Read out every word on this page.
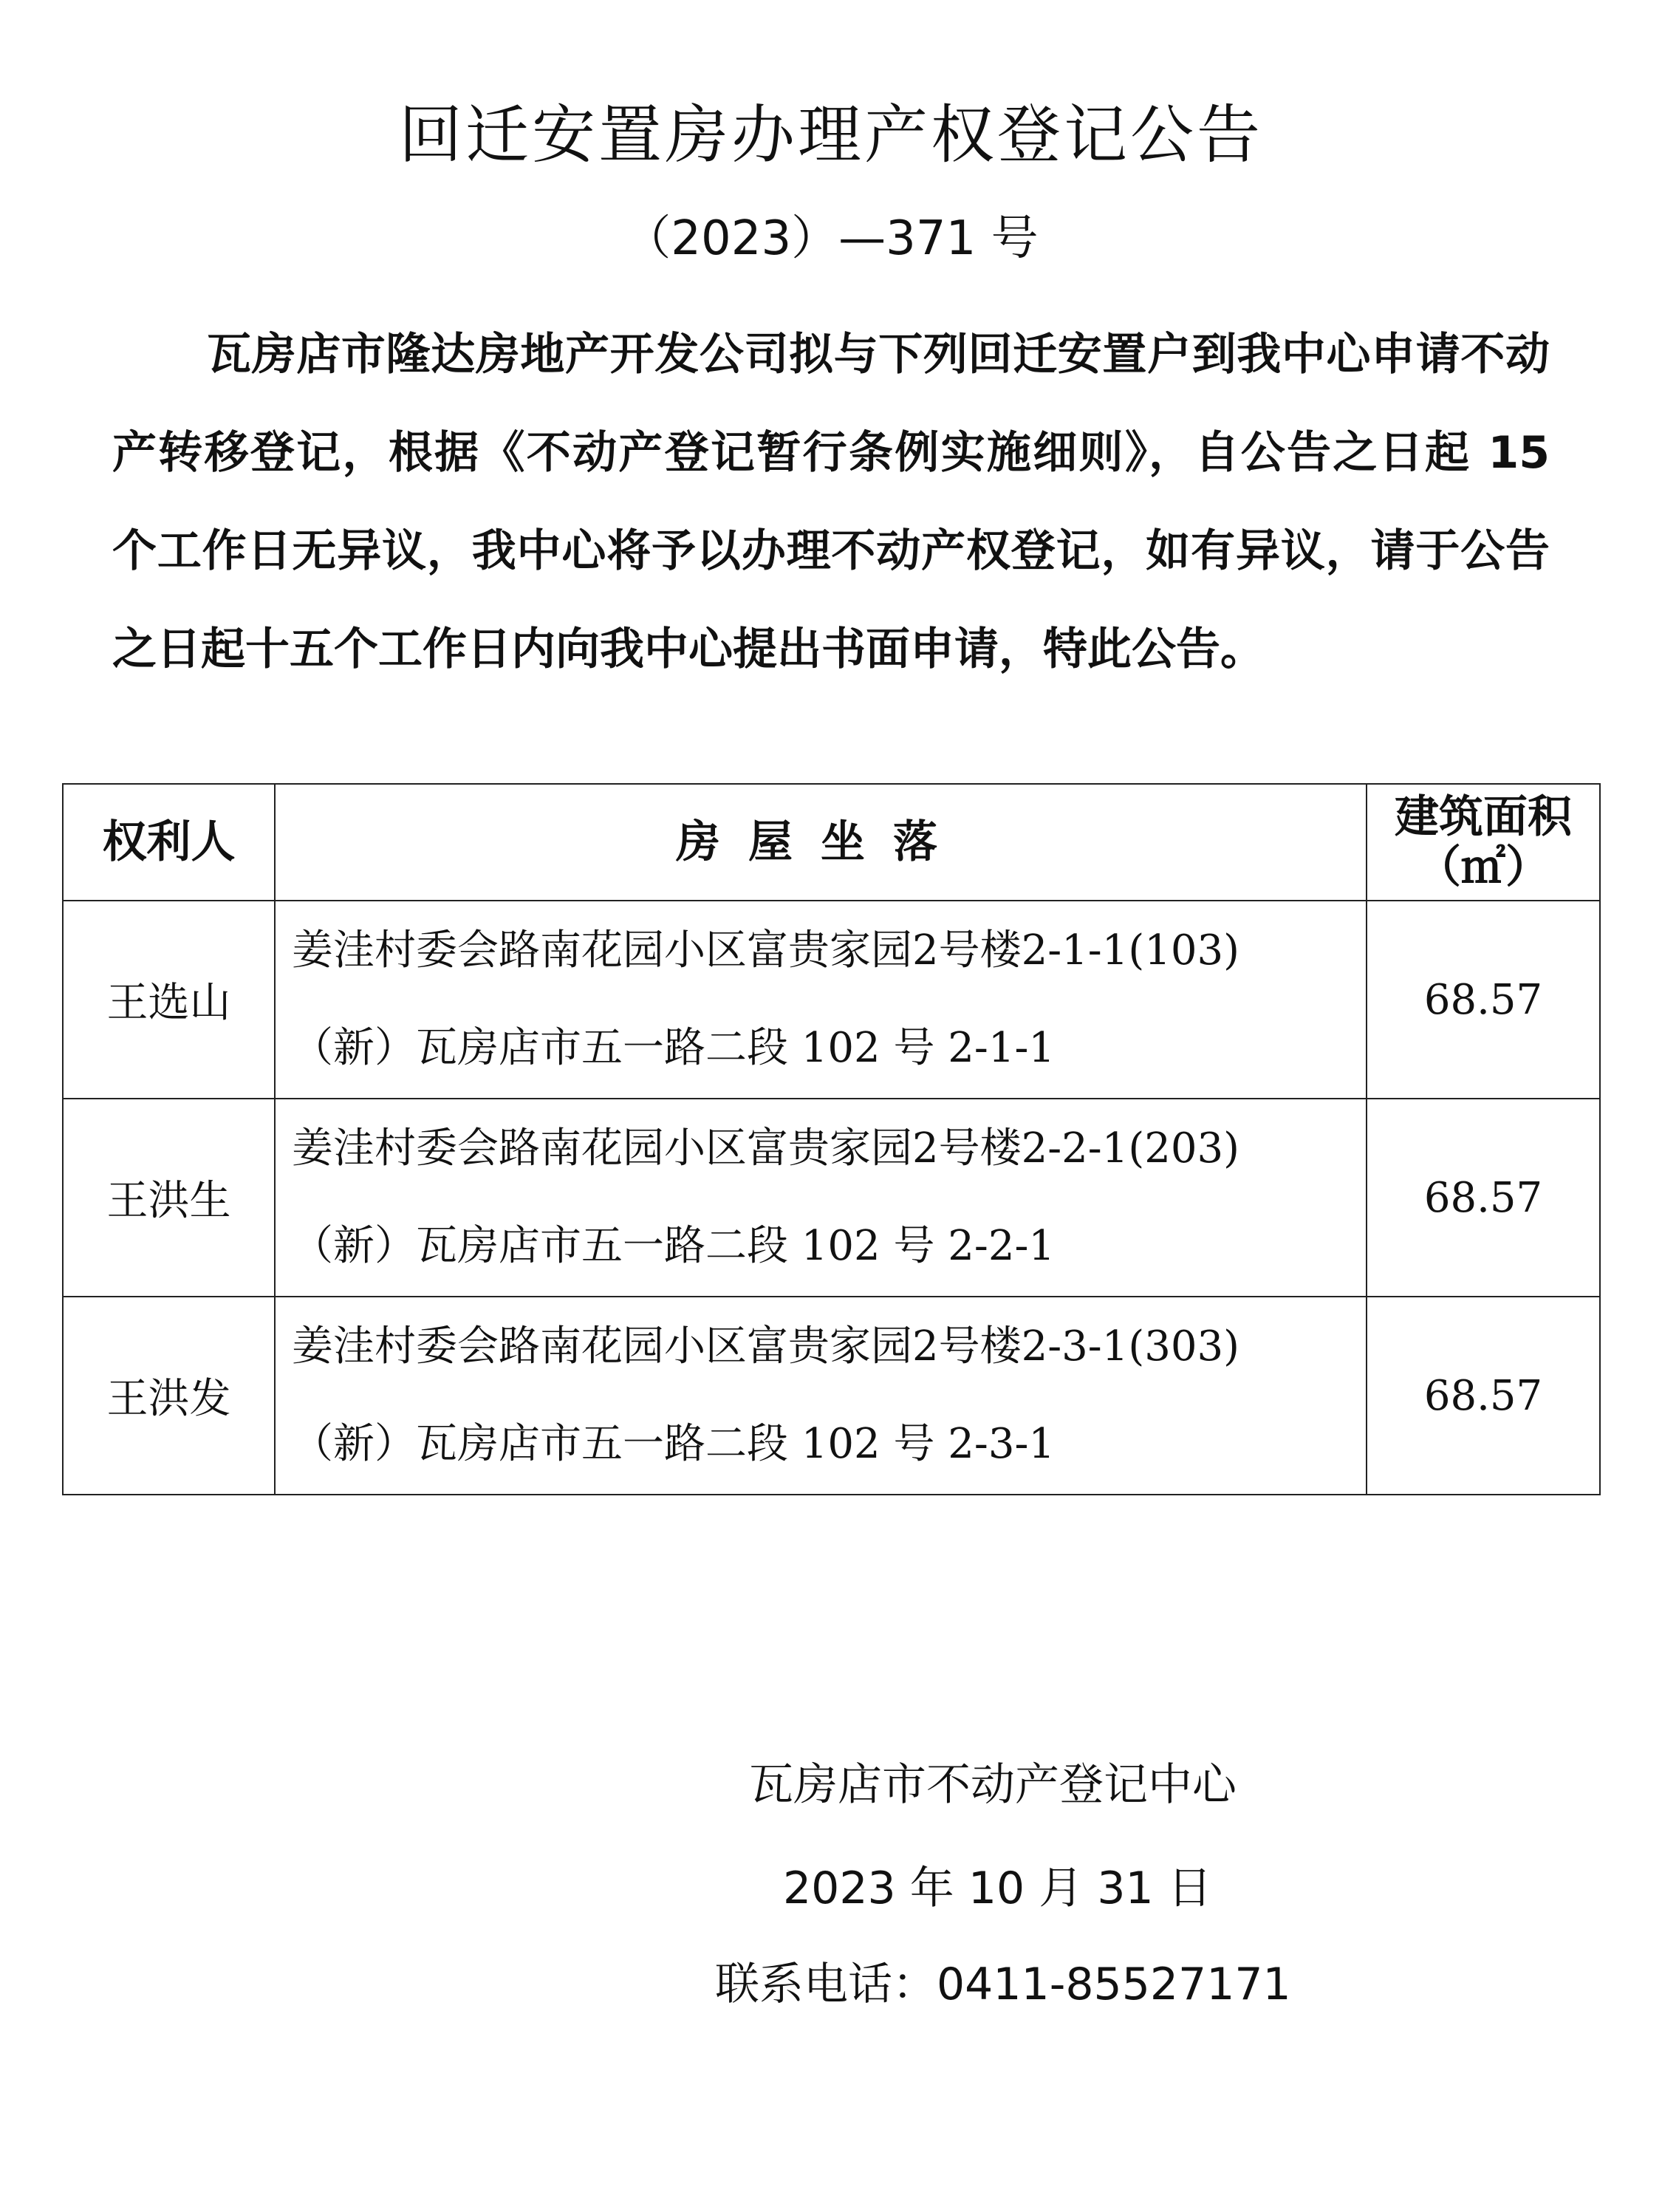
回迁安置房办理产权登记公告
（2023）—371 号
瓦房店市隆达房地产开发公司拟与下列回迁安置户到我中心申请不动产转移登记，根据《不动产登记暂行条例实施细则》，自公告之日起 15 个工作日无异议，我中心将予以办理不动产权登记，如有异议，请于公告之日起十五个工作日内向我中心提出书面申请，特此公告。
权利人	房屋坐落	建筑面积
（㎡）

王选山	姜洼村委会路南花园小区富贵家园2号楼2-1-1(103)
（新）瓦房店市五一路二段 102 号 2-1-1	68.57
王洪生	姜洼村委会路南花园小区富贵家园2号楼2-2-1(203)
（新）瓦房店市五一路二段 102 号 2-2-1	68.57
王洪发	姜洼村委会路南花园小区富贵家园2号楼2-3-1(303)
（新）瓦房店市五一路二段 102 号 2-3-1	68.57
瓦房店市不动产登记中心
2023 年 10 月 31 日
联系电话：0411-85527171
